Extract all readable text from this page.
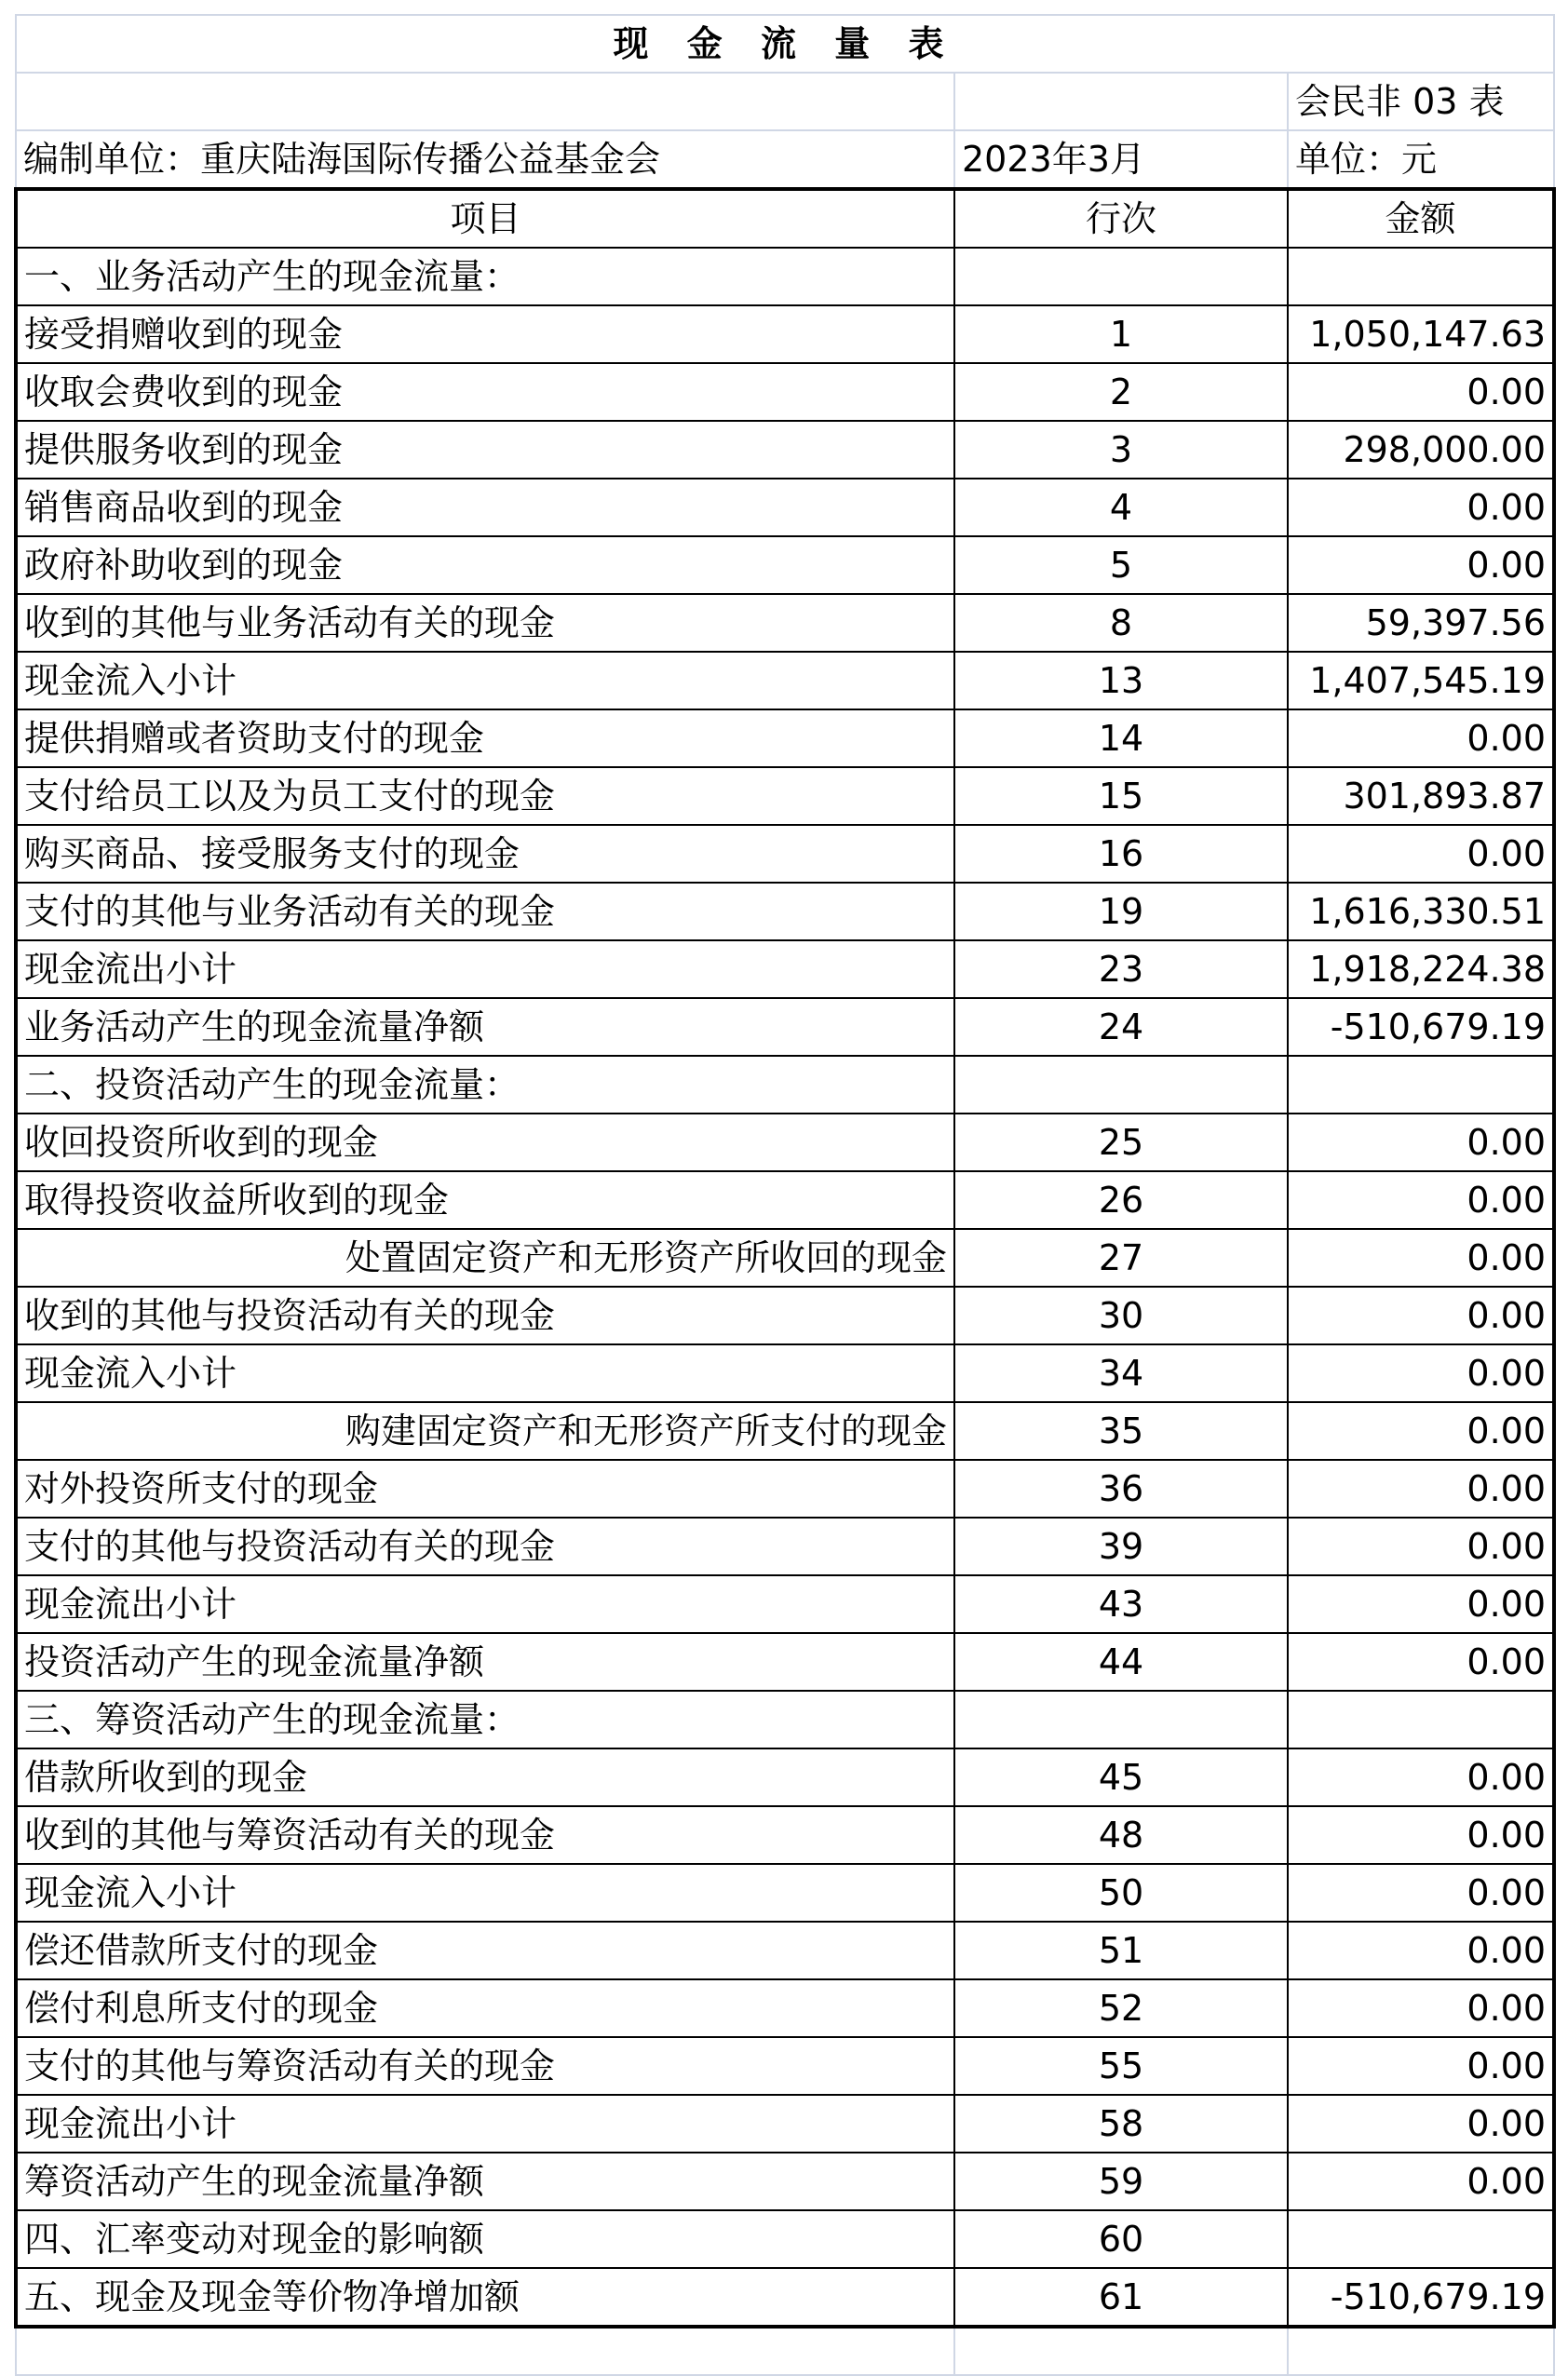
现 金 流 量 表		
		会民非 03 表
编制单位：重庆陆海国际传播公益基金会	2023年3月	单位：元
项目	行次	金额
一、业务活动产生的现金流量：		
接受捐赠收到的现金	1	1,050,147.63
收取会费收到的现金	2	0.00
提供服务收到的现金	3	298,000.00
销售商品收到的现金	4	0.00
政府补助收到的现金	5	0.00
收到的其他与业务活动有关的现金	8	59,397.56
现金流入小计	13	1,407,545.19
提供捐赠或者资助支付的现金	14	0.00
支付给员工以及为员工支付的现金	15	301,893.87
购买商品、接受服务支付的现金	16	0.00
支付的其他与业务活动有关的现金	19	1,616,330.51
现金流出小计	23	1,918,224.38
业务活动产生的现金流量净额	24	-510,679.19
二、投资活动产生的现金流量：		
收回投资所收到的现金	25	0.00
取得投资收益所收到的现金	26	0.00
处置固定资产和无形资产所收回的现金	27	0.00
收到的其他与投资活动有关的现金	30	0.00
现金流入小计	34	0.00
购建固定资产和无形资产所支付的现金	35	0.00
对外投资所支付的现金	36	0.00
支付的其他与投资活动有关的现金	39	0.00
现金流出小计	43	0.00
投资活动产生的现金流量净额	44	0.00
三、筹资活动产生的现金流量：		
借款所收到的现金	45	0.00
收到的其他与筹资活动有关的现金	48	0.00
现金流入小计	50	0.00
偿还借款所支付的现金	51	0.00
偿付利息所支付的现金	52	0.00
支付的其他与筹资活动有关的现金	55	0.00
现金流出小计	58	0.00
筹资活动产生的现金流量净额	59	0.00
四、汇率变动对现金的影响额	60	
五、现金及现金等价物净增加额	61	-510,679.19
